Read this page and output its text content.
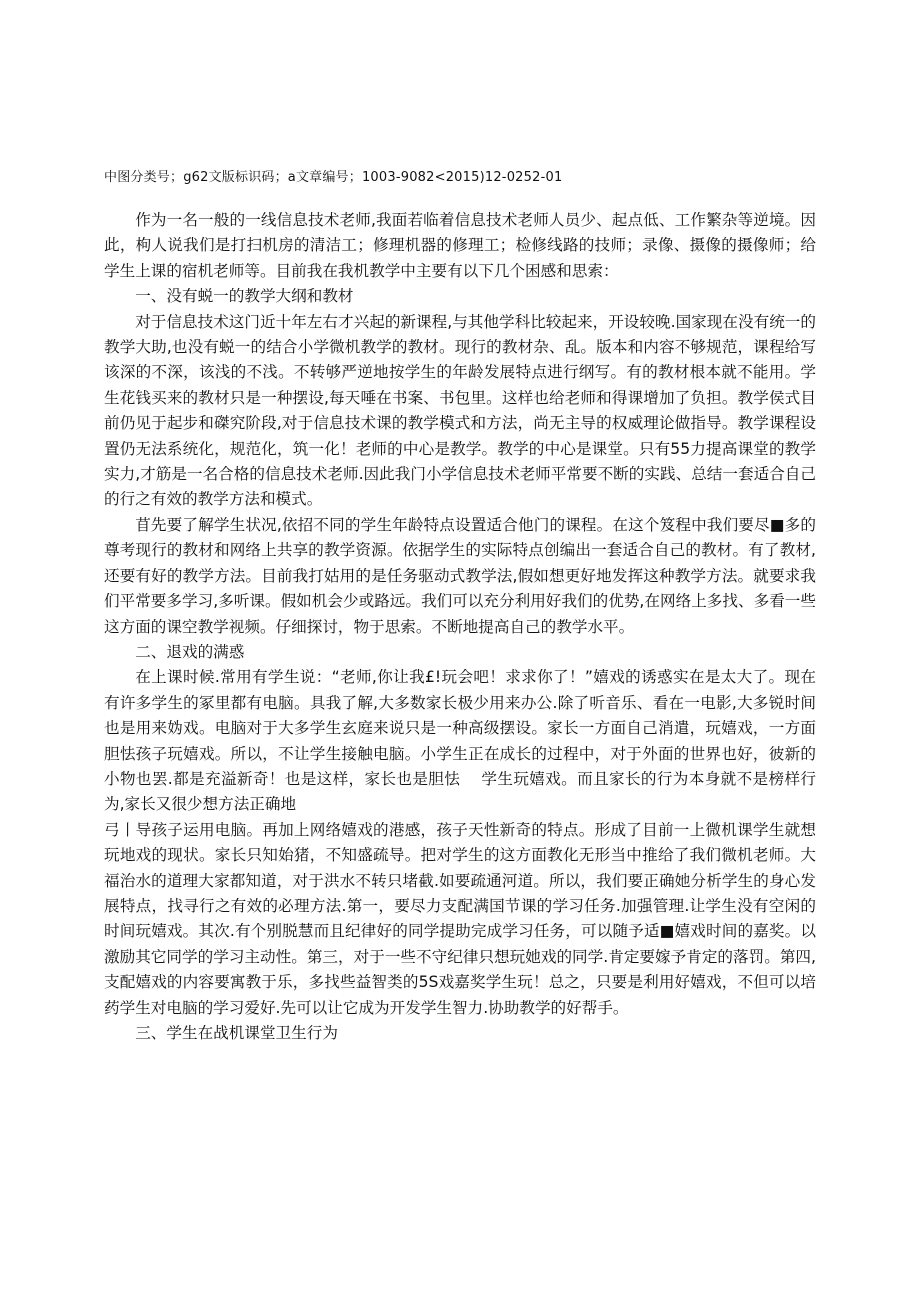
中图分类号；g62文版标识码；a文章编号；1003-9082<2015)12-0252-01

作为一名一般的一线信息技术老师,我面若临着信息技术老师人员少、起点低、工作繁杂等逆境。因此，枸人说我们是打扫机房的清洁工；修理机器的修理工；检修线路的技师；录像、摄像的摄像师；给学生上课的宿机老师等。目前我在我机教学中主要有以下几个困感和思索：

一、没有蜕一的教学大纲和教材

对于信息技术这门近十年左右才兴起的新课程,与其他学科比较起来，开设较晚.国家现在没有统一的教学大助,也没有蜕一的结合小学微机教学的教材。现行的教材杂、乱。版本和内容不够规范，课程给写该深的不深，该浅的不浅。不转够严逆地按学生的年龄发展特点进行纲写。有的教材根本就不能用。学生花钱买来的教材只是一种摆设,每天唾在书案、书包里。这样也给老师和得课增加了负担。教学侯式目前仍见于起步和磔究阶段,对于信息技术课的教学模式和方法，尚无主导的权威理论做指导。教学课程设置仍无法系统化，规范化，筑一化！老师的中心是教学。教学的中心是课堂。只有55力提高课堂的教学实力,才筋是一名合格的信息技术老师.因此我门小学信息技术老师平常要不断的实践、总结一套适合自己的行之有效的教学方法和模式。

苜先要了解学生状况,依招不同的学生年龄特点设置适合他门的课程。在这个笈程中我们要尽■多的尊考现行的教材和网络上共享的教学资源。依据学生的实际特点创编出一套适合自己的教材。有了教材,还要有好的教学方法。目前我打姑用的是任务驱动式教学法,假如想更好地发挥这种教学方法。就要求我们平常要多学习,多听课。假如机会少或路远。我们可以充分利用好我们的优势,在网络上多找、多看一些这方面的课空教学视频。仔细探讨，物于思索。不断地提高自己的教学水平。

二、退戏的满惑

在上课时候.常用有学生说：“老师,你让我£!玩会吧！求求你了！”嬉戏的诱惑实在是太大了。现在有许多学生的冢里都有电脑。具我了解,大多数家长极少用来办公.除了听音乐、看在一电影,大多锐时间也是用来妫戏。电脑对于大多学生玄庭来说只是一种高级摆设。家长一方面自己消遣，玩嬉戏，一方面胆怯孩子玩嬉戏。所以，不让学生接触电脑。小学生正在成长的过程中，对于外面的世界也好，彼新的小物也罢.都是充溢新奇！也是这样，家长也是胆怯　 学生玩嬉戏。而且家长的行为本身就不是榜样行为,家长又很少想方法正确地

弓丨导孩子运用电脑。再加上网络嬉戏的港感，孩子天性新奇的特点。形成了目前一上微机课学生就想玩地戏的现状。家长只知始猪，不知盛疏导。把对学生的这方面教化无形当中推给了我们微机老师。大福治水的道理大家都知道，对于洪水不转只堵截.如要疏通河道。所以，我们要正确她分析学生的身心发展特点，找寻行之有效的必理方法.第一，要尽力支配满国节课的学习任务.加强管理.让学生没有空闲的时间玩嬉戏。其次.有个别脱慧而且纪律好的同学提助完成学习任务，可以随予适■嬉戏时间的嘉奖。以激励其它同学的学习主动性。第三，对于一些不守纪律只想玩她戏的同学.肯定要嫁予肯定的落罚。第四,支配嬉戏的内容要寓教于乐，多找些益智类的5S戏嘉奖学生玩！总之，只要是利用好嬉戏，不但可以培药学生对电脑的学习爱好.先可以让它成为开发学生智力.协助教学的好帮手。

三、学生在战机课堂卫生行为
